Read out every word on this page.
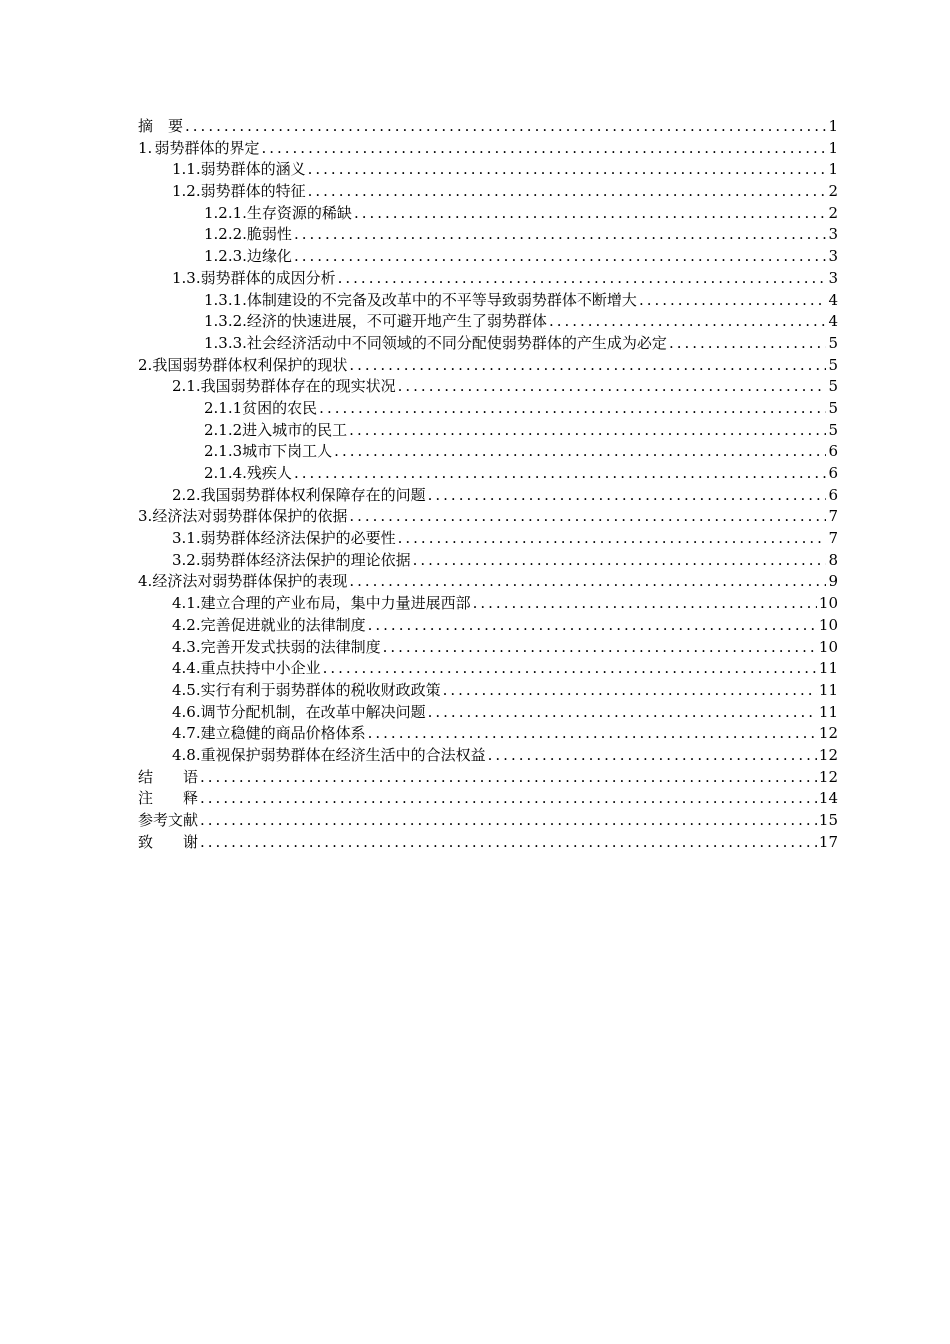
摘　要 .....	1
1. 弱势群体的界定 .....	1
1.1.弱势群体的涵义 .....	1
1.2.弱势群体的特征 .....	2
1.2.1.生存资源的稀缺 .....	2
1.2.2.脆弱性 .....	3
1.2.3.边缘化 .....	3
1.3.弱势群体的成因分析 .....	3
1.3.1.体制建设的不完备及改革中的不平等导致弱势群体不断增大 .....	4
1.3.2.经济的快速进展，不可避开地产生了弱势群体 .....	4
1.3.3.社会经济活动中不同领域的不同分配使弱势群体的产生成为必定 .....	5
2. 我国弱势群体权利保护的现状 .....	5
2.1.我国弱势群体存在的现实状况 .....	5
2.1.1贫困的农民 .....	5
2.1.2进入城市的民工 .....	5
2.1.3城市下岗工人 .....	6
2.1.4.残疾人 .....	6
2.2.我国弱势群体权利保障存在的问题 .....	6
3. 经济法对弱势群体保护的依据 .....	7
3.1.弱势群体经济法保护的必要性 .....	7
3.2.弱势群体经济法保护的理论依据 .....	8
4. 经济法对弱势群体保护的表现 .....	9
4.1.建立合理的产业布局，集中力量进展西部 .....	10
4.2.完善促进就业的法律制度 .....	10
4.3.完善开发式扶弱的法律制度 .....	10
4.4.重点扶持中小企业 .....	11
4.5.实行有利于弱势群体的税收财政政策 .....	11
4.6.调节分配机制，在改革中解决问题 .....	11
4.7.建立稳健的商品价格体系 .....	12
4.8.重视保护弱势群体在经济生活中的合法权益 .....	12
结　　语 .....	12
注　　释 .....	14
参考文献 .....	15
致　　谢 .....	17
